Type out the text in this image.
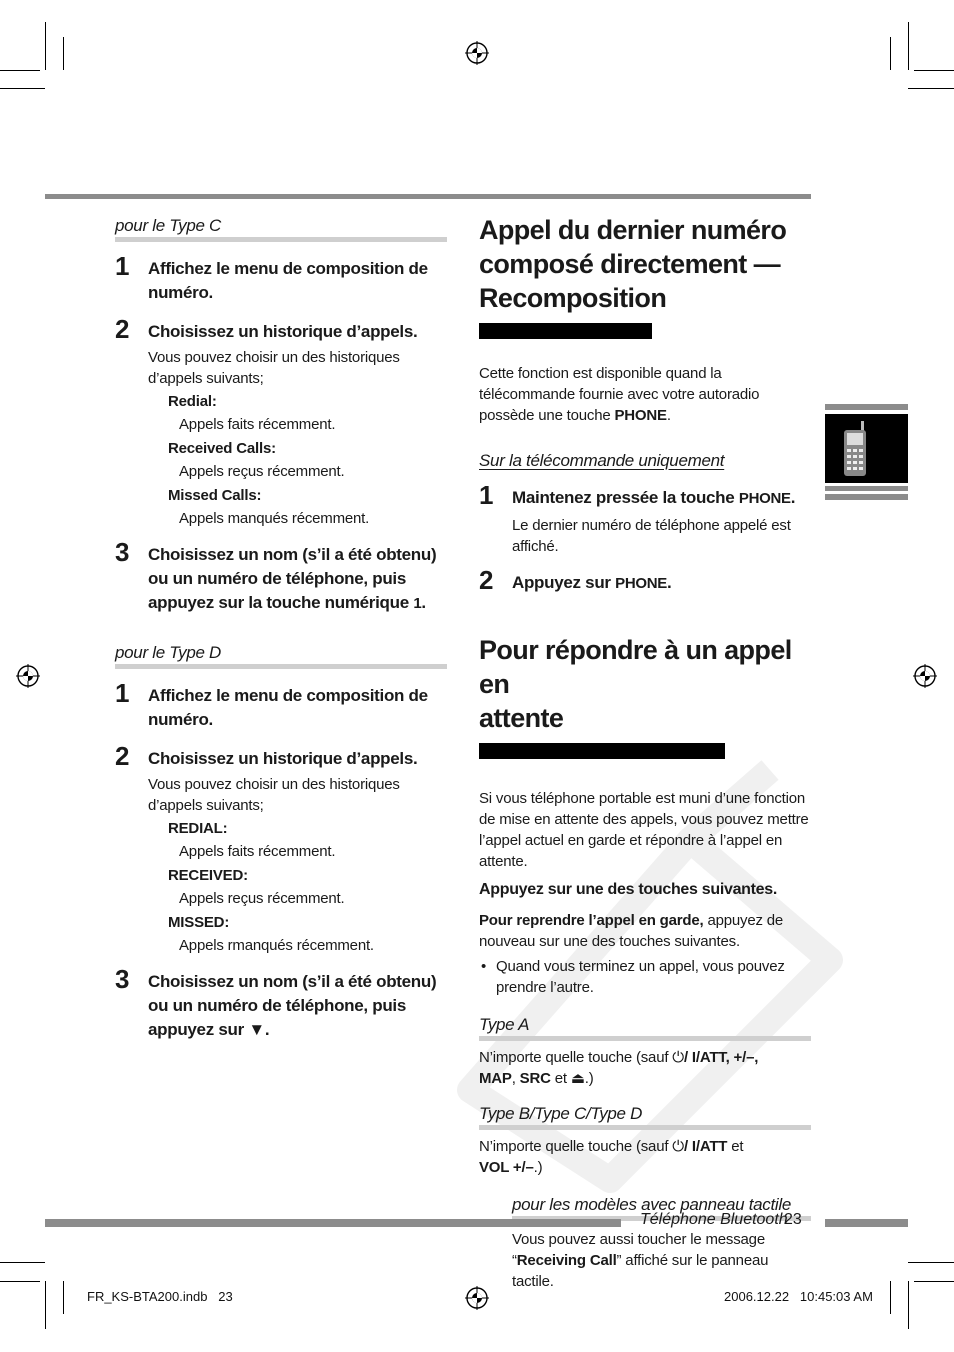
pour le Type C
1 Affichez le menu de composition de numéro.
2 Choisissez un historique d’appels.
Vous pouvez choisir un des historiques d’appels suivants;
Redial:
Appels faits récemment.
Received Calls:
Appels reçus récemment.
Missed Calls:
Appels manqués récemment.
3 Choisissez un nom (s’il a été obtenu) ou un numéro de téléphone, puis appuyez sur la touche numérique 1.
pour le Type D
1 Affichez le menu de composition de numéro.
2 Choisissez un historique d’appels.
Vous pouvez choisir un des historiques d’appels suivants;
REDIAL:
Appels faits récemment.
RECEIVED:
Appels reçus récemment.
MISSED:
Appels rmanqués récemment.
3 Choisissez un nom (s’il a été obtenu) ou un numéro de téléphone, puis appuyez sur ▼.
Appel du dernier numéro
composé directement —
Recomposition
Cette fonction est disponible quand la télécommande fournie avec votre autoradio possède une touche PHONE.
Sur la télécommande uniquement
1 Maintenez pressée la touche PHONE.
Le dernier numéro de téléphone appelé est affiché.
2 Appuyez sur PHONE.
Pour répondre à un appel en
attente
Si vous téléphone portable est muni d’une fonction de mise en attente des appels, vous pouvez mettre l’appel actuel en garde et répondre à l’appel en attente.
Appuyez sur une des touches suivantes.
Pour reprendre l’appel en garde, appuyez de nouveau sur une des touches suivantes.
• Quand vous terminez un appel, vous pouvez prendre l’autre.
Type A
N’importe quelle touche (sauf ⏻/ I/ATT, +/–,
MAP, SRC et ⏏.)
Type B/Type C/Type D
N’importe quelle touche (sauf ⏻/ I/ATT et
VOL +/–.)
pour les modèles avec panneau tactile
Vous pouvez aussi toucher le message “Receiving Call” affiché sur le panneau tactile.
Téléphone Bluetooth
23
FR_KS-BTA200.indb   23	2006.12.22   10:45:03 AM
